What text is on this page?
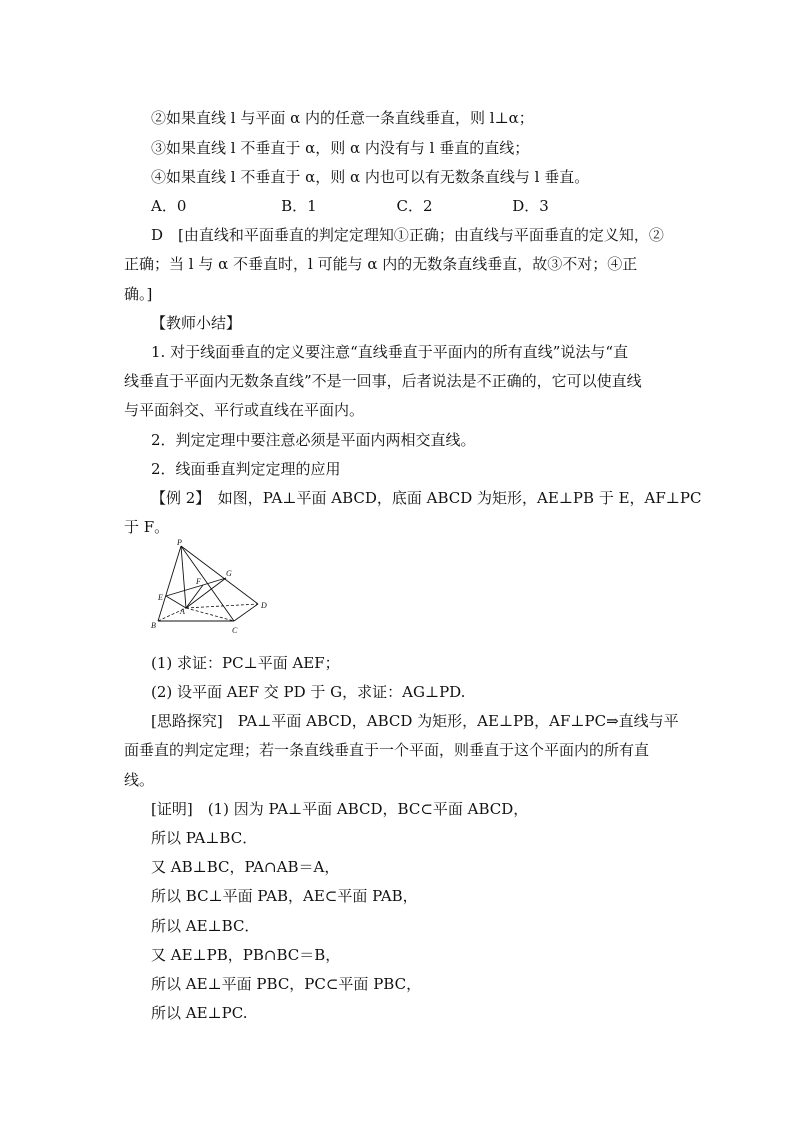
②如果直线 l 与平面 α 内的任意一条直线垂直，则 l⊥α；
③如果直线 l 不垂直于 α，则 α 内没有与 l 垂直的直线；
④如果直线 l 不垂直于 α，则 α 内也可以有无数条直线与 l 垂直。
A．0　　　　　　 B．1　　　　　 C．2　　　　　 D．3
D　[由直线和平面垂直的判定定理知①正确；由直线与平面垂直的定义知，②
正确；当 l 与 α 不垂直时，l 可能与 α 内的无数条直线垂直，故③不对；④正
确。]
【教师小结】
1. 对于线面垂直的定义要注意“直线垂直于平面内的所有直线”说法与“直
线垂直于平面内无数条直线”不是一回事，后者说法是不正确的，它可以使直线
与平面斜交、平行或直线在平面内。
2．判定定理中要注意必须是平面内两相交直线。
2．线面垂直判定定理的应用
【例 2】　如图，PA⊥平面 ABCD，底面 ABCD 为矩形，AE⊥PB 于 E，AF⊥PC
于 F。
P
F
G
E
A
D
B
C
(1) 求证：PC⊥平面 AEF；
(2) 设平面 AEF 交 PD 于 G，求证：AG⊥PD.
[思路探究]　PA⊥平面 ABCD，ABCD 为矩形，AE⊥PB，AF⊥PC⇒直线与平
面垂直的判定定理；若一条直线垂直于一个平面，则垂直于这个平面内的所有直
线。
[证明]　(1) 因为 PA⊥平面 ABCD，BC⊂平面 ABCD，
所以 PA⊥BC．
又 AB⊥BC，PA∩AB＝A，
所以 BC⊥平面 PAB，AE⊂平面 PAB，
所以 AE⊥BC．
又 AE⊥PB，PB∩BC＝B，
所以 AE⊥平面 PBC，PC⊂平面 PBC，
所以 AE⊥PC.
